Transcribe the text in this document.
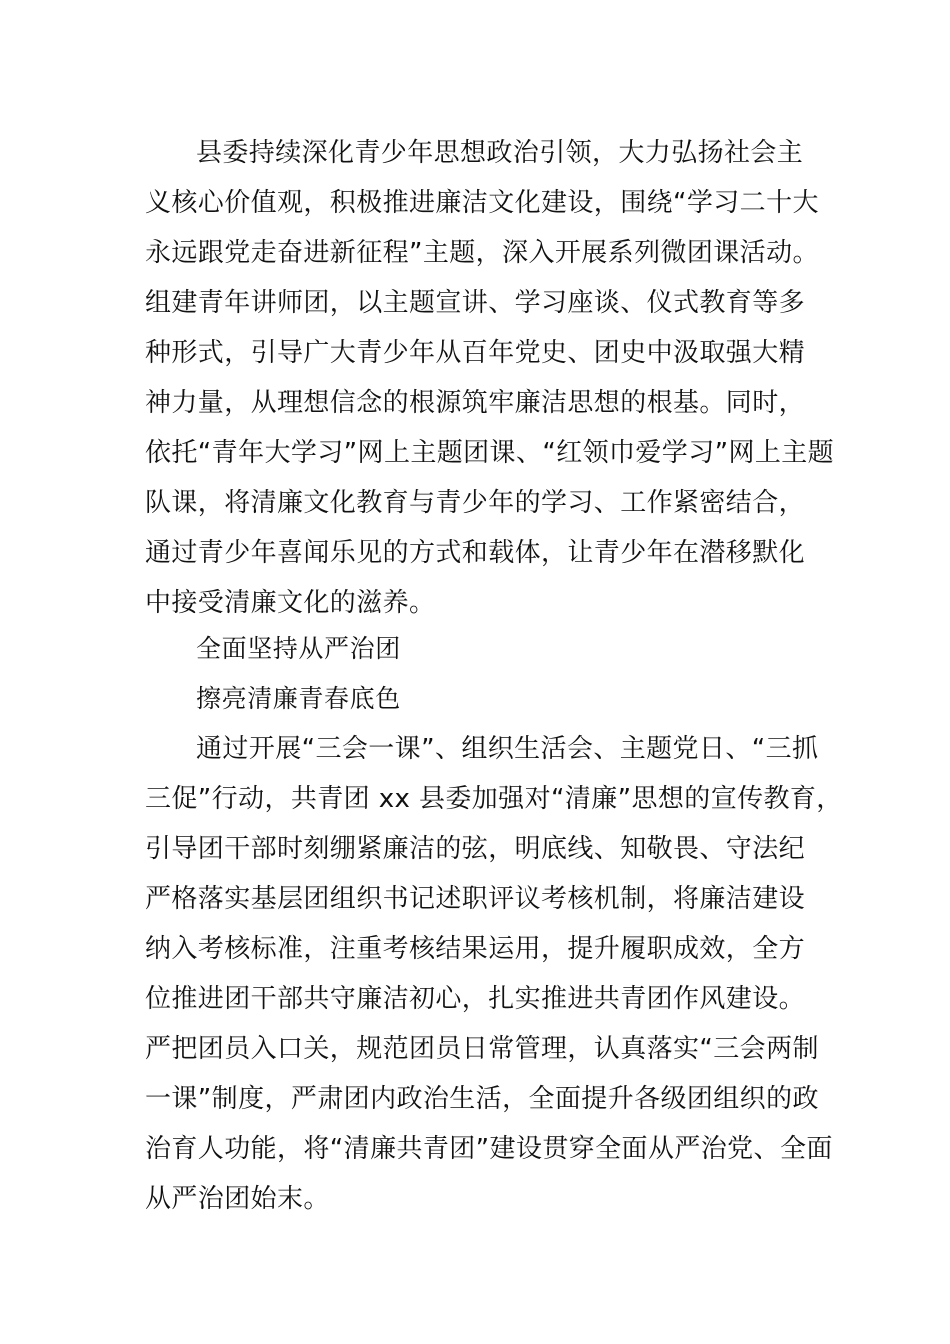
县委持续深化青少年思想政治引领，大力弘扬社会主
义核心价值观，积极推进廉洁文化建设，围绕“学习二十大
永远跟党走奋进新征程”主题，深入开展系列微团课活动。
组建青年讲师团，以主题宣讲、学习座谈、仪式教育等多
种形式，引导广大青少年从百年党史、团史中汲取强大精
神力量，从理想信念的根源筑牢廉洁思想的根基。同时，
依托“青年大学习”网上主题团课、“红领巾爱学习”网上主题
队课，将清廉文化教育与青少年的学习、工作紧密结合，
通过青少年喜闻乐见的方式和载体，让青少年在潜移默化
中接受清廉文化的滋养。
全面坚持从严治团
擦亮清廉青春底色
通过开展“三会一课”、组织生活会、主题党日、“三抓
三促”行动，共青团 xx 县委加强对“清廉”思想的宣传教育，
引导团干部时刻绷紧廉洁的弦，明底线、知敬畏、守法纪
严格落实基层团组织书记述职评议考核机制，将廉洁建设
纳入考核标准，注重考核结果运用，提升履职成效，全方
位推进团干部共守廉洁初心，扎实推进共青团作风建设。
严把团员入口关，规范团员日常管理，认真落实“三会两制
一课”制度，严肃团内政治生活，全面提升各级团组织的政
治育人功能，将“清廉共青团”建设贯穿全面从严治党、全面
从严治团始末。
